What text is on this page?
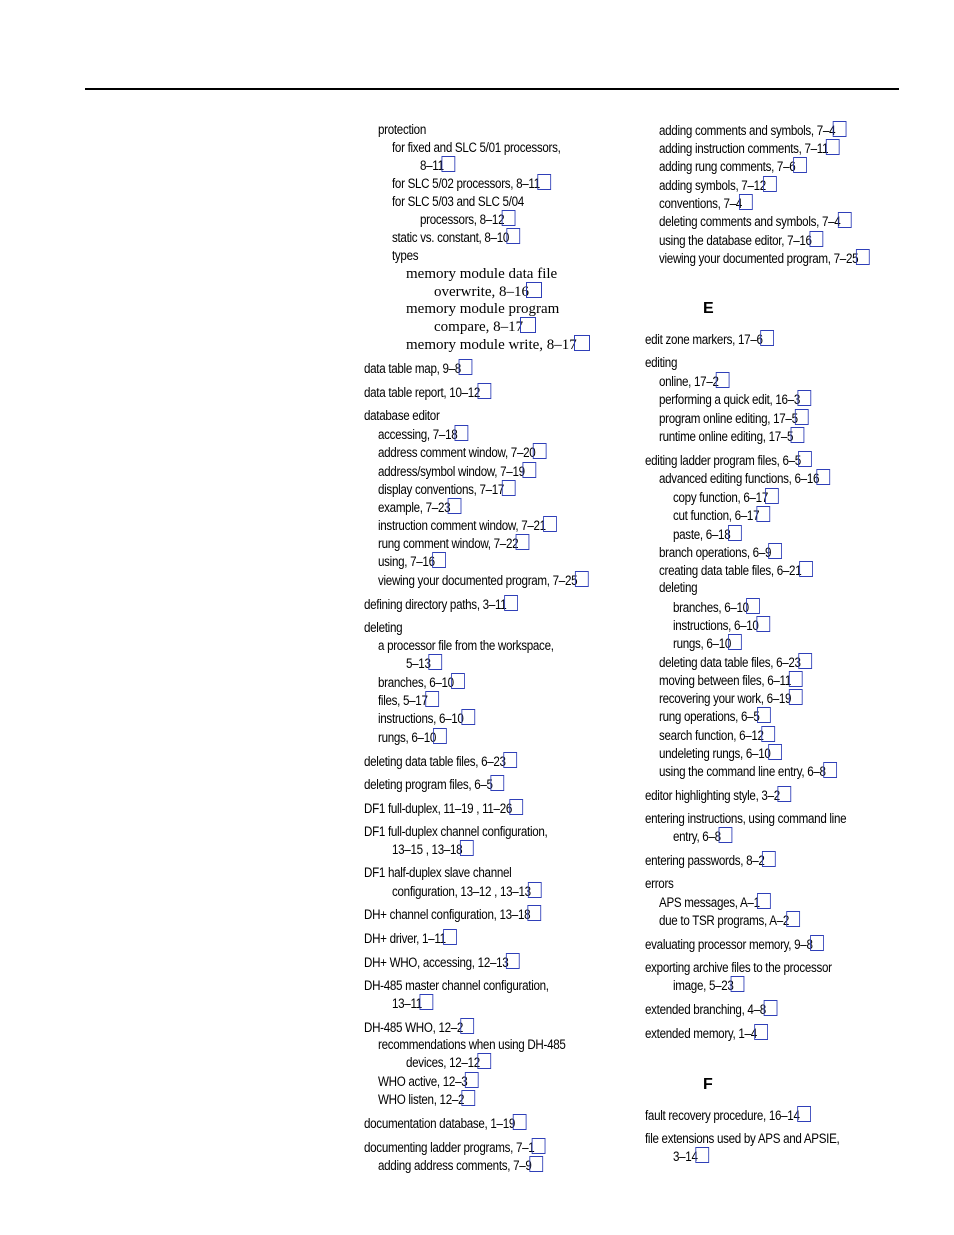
protection
for fixed and SLC 5/01 processors,
8–11
for SLC 5/02 processors, 8–11
for SLC 5/03 and SLC 5/04
processors, 8–12
static vs. constant, 8–10
types
memory module data file
overwrite, 8–16
memory module program
compare, 8–17
memory module write, 8–17
data table map, 9–8
data table report, 10–12
database editor
accessing, 7–18
address comment window, 7–20
address/symbol window, 7–19
display conventions, 7–17
example, 7–23
instruction comment window, 7–21
rung comment window, 7–22
using, 7–16
viewing your documented program, 7–25
defining directory paths, 3–11
deleting
a processor file from the workspace,
5–13
branches, 6–10
files, 5–17
instructions, 6–10
rungs, 6–10
deleting data table files, 6–23
deleting program files, 6–5
DF1 full-duplex, 11–19 , 11–26
DF1 full-duplex channel configuration,
13–15 , 13–18
DF1 half-duplex slave channel
configuration, 13–12 , 13–13
DH+ channel configuration, 13–18
DH+ driver, 1–11
DH+ WHO, accessing, 12–13
DH-485 master channel configuration,
13–11
DH-485 WHO, 12–2
recommendations when using DH-485
devices, 12–12
WHO active, 12–3
WHO listen, 12–2
documentation database, 1–19
documenting ladder programs, 7–1
adding address comments, 7–9
adding comments and symbols, 7–4
adding instruction comments, 7–11
adding rung comments, 7–6
adding symbols, 7–12
conventions, 7–4
deleting comments and symbols, 7–4
using the database editor, 7–16
viewing your documented program, 7–25
E
edit zone markers, 17–6
editing
online, 17–2
performing a quick edit, 16–3
program online editing, 17–5
runtime online editing, 17–5
editing ladder program files, 6–5
advanced editing functions, 6–16
copy function, 6–17
cut function, 6–17
paste, 6–18
branch operations, 6–9
creating data table files, 6–21
deleting
branches, 6–10
instructions, 6–10
rungs, 6–10
deleting data table files, 6–23
moving between files, 6–11
recovering your work, 6–19
rung operations, 6–5
search function, 6–12
undeleting rungs, 6–10
using the command line entry, 6–8
editor highlighting style, 3–2
entering instructions, using command line
entry, 6–8
entering passwords, 8–2
errors
APS messages, A–1
due to TSR programs, A–2
evaluating processor memory, 9–8
exporting archive files to the processor
image, 5–23
extended branching, 4–8
extended memory, 1–4
F
fault recovery procedure, 16–14
file extensions used by APS and APSIE,
3–14
